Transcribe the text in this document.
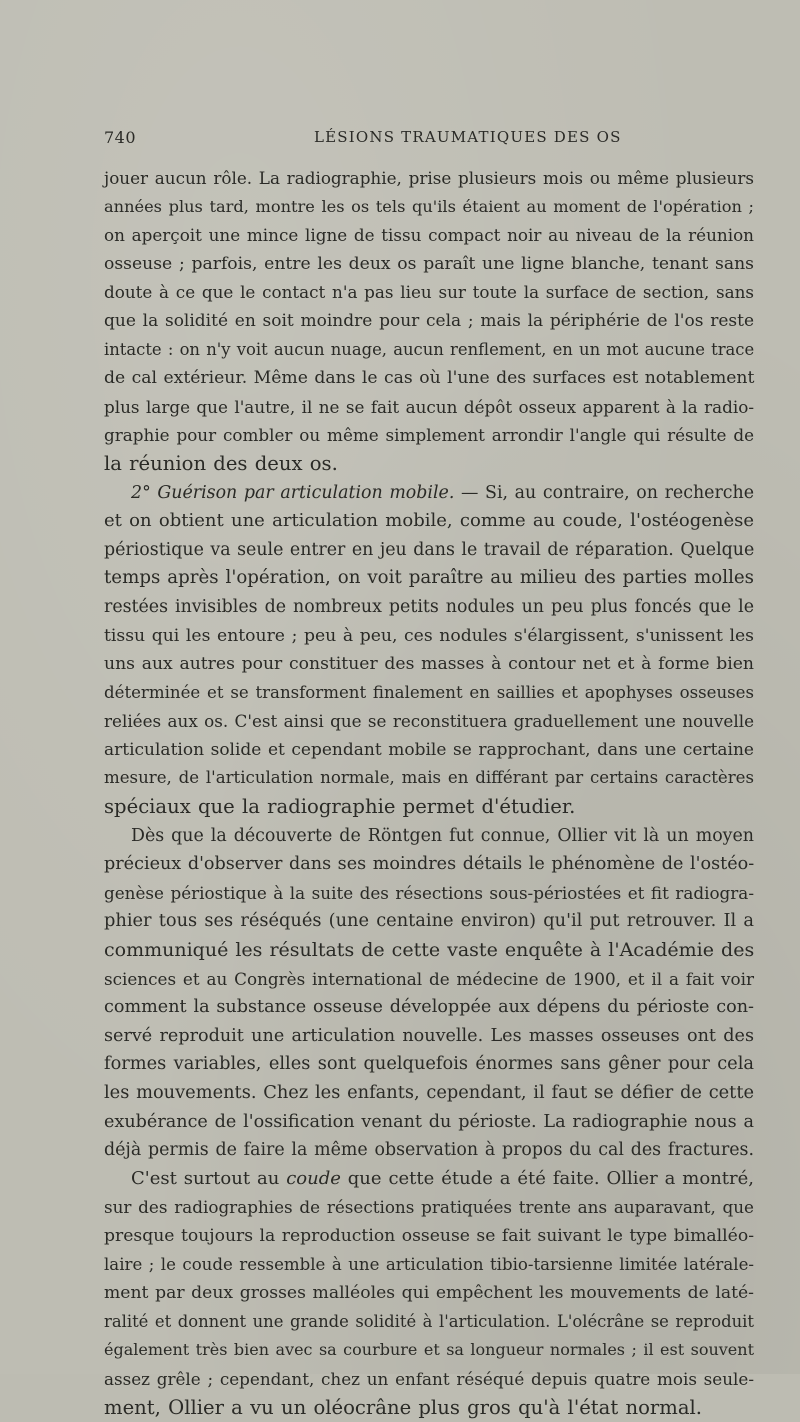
740	LÉSIONS TRAUMATIQUES DES OS
jouer aucun rôle. La radiographie, prise plusieurs mois ou même plusieurs
années plus tard, montre les os tels qu'ils étaient au moment de l'opération ;
on aperçoit une mince ligne de tissu compact noir au niveau de la réunion
osseuse ; parfois, entre les deux os paraît une ligne blanche, tenant sans
doute à ce que le contact n'a pas lieu sur toute la surface de section, sans
que la solidité en soit moindre pour cela ; mais la périphérie de l'os reste
intacte : on n'y voit aucun nuage, aucun renflement, en un mot aucune trace
de cal extérieur. Même dans le cas où l'une des surfaces est notablement
plus large que l'autre, il ne se fait aucun dépôt osseux apparent à la radio-
graphie pour combler ou même simplement arrondir l'angle qui résulte de
la réunion des deux os.
2° Guérison par articulation mobile. — Si, au contraire, on recherche
et on obtient une articulation mobile, comme au coude, l'ostéogenèse
périostique va seule entrer en jeu dans le travail de réparation. Quelque
temps après l'opération, on voit paraître au milieu des parties molles
restées invisibles de nombreux petits nodules un peu plus foncés que le
tissu qui les entoure ; peu à peu, ces nodules s'élargissent, s'unissent les
uns aux autres pour constituer des masses à contour net et à forme bien
déterminée et se transforment finalement en saillies et apophyses osseuses
reliées aux os. C'est ainsi que se reconstituera graduellement une nouvelle
articulation solide et cependant mobile se rapprochant, dans une certaine
mesure, de l'articulation normale, mais en différant par certains caractères
spéciaux que la radiographie permet d'étudier.
Dès que la découverte de Röntgen fut connue, Ollier vit là un moyen
précieux d'observer dans ses moindres détails le phénomène de l'ostéo-
genèse périostique à la suite des résections sous-périostées et fit radiogra-
phier tous ses réséqués (une centaine environ) qu'il put retrouver. Il a
communiqué les résultats de cette vaste enquête à l'Académie des
sciences et au Congrès international de médecine de 1900, et il a fait voir
comment la substance osseuse développée aux dépens du périoste con-
servé reproduit une articulation nouvelle. Les masses osseuses ont des
formes variables, elles sont quelquefois énormes sans gêner pour cela
les mouvements. Chez les enfants, cependant, il faut se défier de cette
exubérance de l'ossification venant du périoste. La radiographie nous a
déjà permis de faire la même observation à propos du cal des fractures.
C'est surtout au coude que cette étude a été faite. Ollier a montré,
sur des radiographies de résections pratiquées trente ans auparavant, que
presque toujours la reproduction osseuse se fait suivant le type bimalléo-
laire ; le coude ressemble à une articulation tibio-tarsienne limitée latérale-
ment par deux grosses malléoles qui empêchent les mouvements de laté-
ralité et donnent une grande solidité à l'articulation. L'olécrâne se reproduit
également très bien avec sa courbure et sa longueur normales ; il est souvent
assez grêle ; cependant, chez un enfant réséqué depuis quatre mois seule-
ment, Ollier a vu un oléocrâne plus gros qu'à l'état normal.
